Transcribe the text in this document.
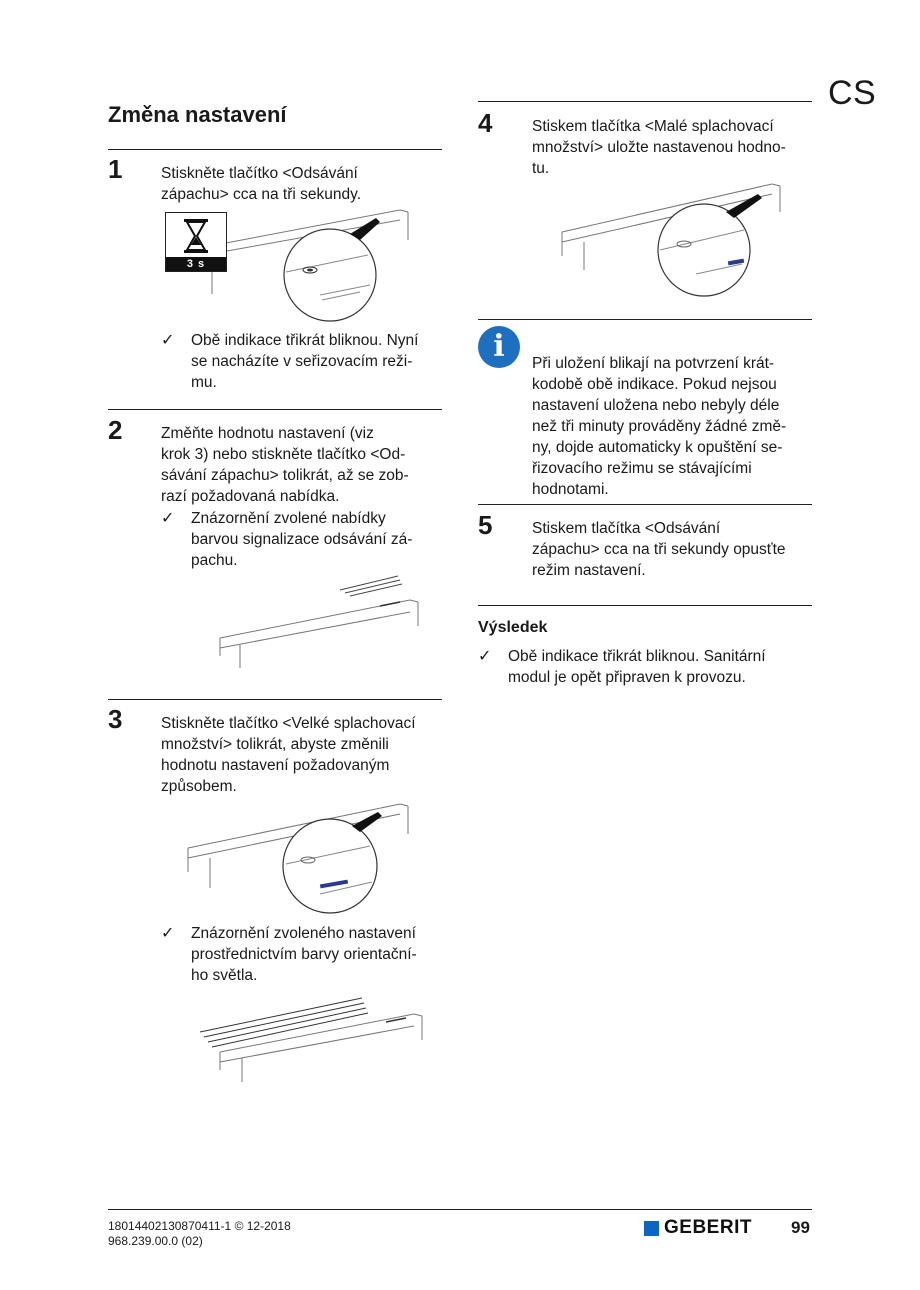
CS
Změna nastavení
1 Stiskněte tlačítko <Odsávání
zápachu> cca na tři sekundy.
3 s
✓ Obě indikace třikrát bliknou. Nyní
se nacházíte v seřizovacím reži-
mu.
2 Změňte hodnotu nastavení (viz
krok 3) nebo stiskněte tlačítko <Od-
sávání zápachu> tolikrát, až se zob-
razí požadovaná nabídka.
✓ Znázornění zvolené nabídky
barvou signalizace odsávání zá-
pachu.
3 Stiskněte tlačítko <Velké splachovací
množství> tolikrát, abyste změnili
hodnotu nastavení požadovaným
způsobem.
✓ Znázornění zvoleného nastavení
prostřednictvím barvy orientační-
ho světla.
4	Stiskem tlačítka <Malé splachovací
množství> uložte nastavenou hodno-
tu.
i	Při uložení blikají na potvrzení krát-
kodobě obě indikace. Pokud nejsou
nastavení uložena nebo nebyly déle
než tři minuty prováděny žádné změ-
ny, dojde automaticky k opuštění se-
řizovacího režimu se stávajícími
hodnotami.
5	Stiskem tlačítka <Odsávání
zápachu> cca na tři sekundy opusťte
režim nastavení.
Výsledek
✓ Obě indikace třikrát bliknou. Sanitární
modul je opět připraven k provozu.
18014402130870411-1 © 12-2018
968.239.00.0 (02)
GEBERIT 99
